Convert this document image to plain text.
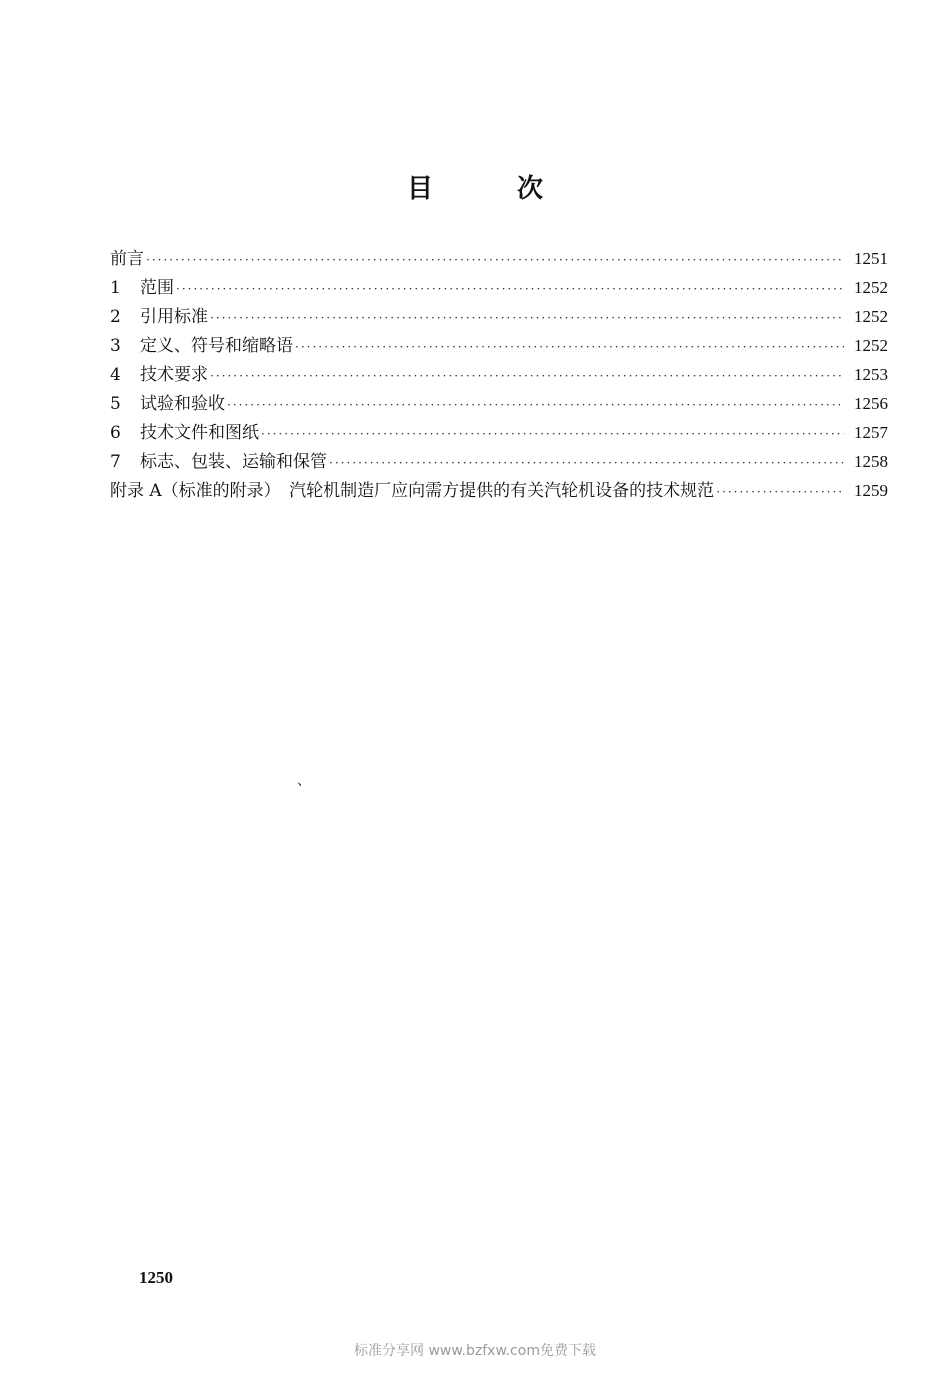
目	次
前言 ·····	1251
1	范围 ·····	1252
2	引用标准 ·····	1252
3	定义、符号和缩略语 ·····	1252
4	技术要求 ·····	1253
5	试验和验收 ·····	1256
6	技术文件和图纸 ·····	1257
7	标志、包装、运输和保管 ·····	1258
附录 A（标准的附录）　汽轮机制造厂应向需方提供的有关汽轮机设备的技术规范 ·····	1259
、
1250
标准分享网 www.bzfxw.com免费下载
